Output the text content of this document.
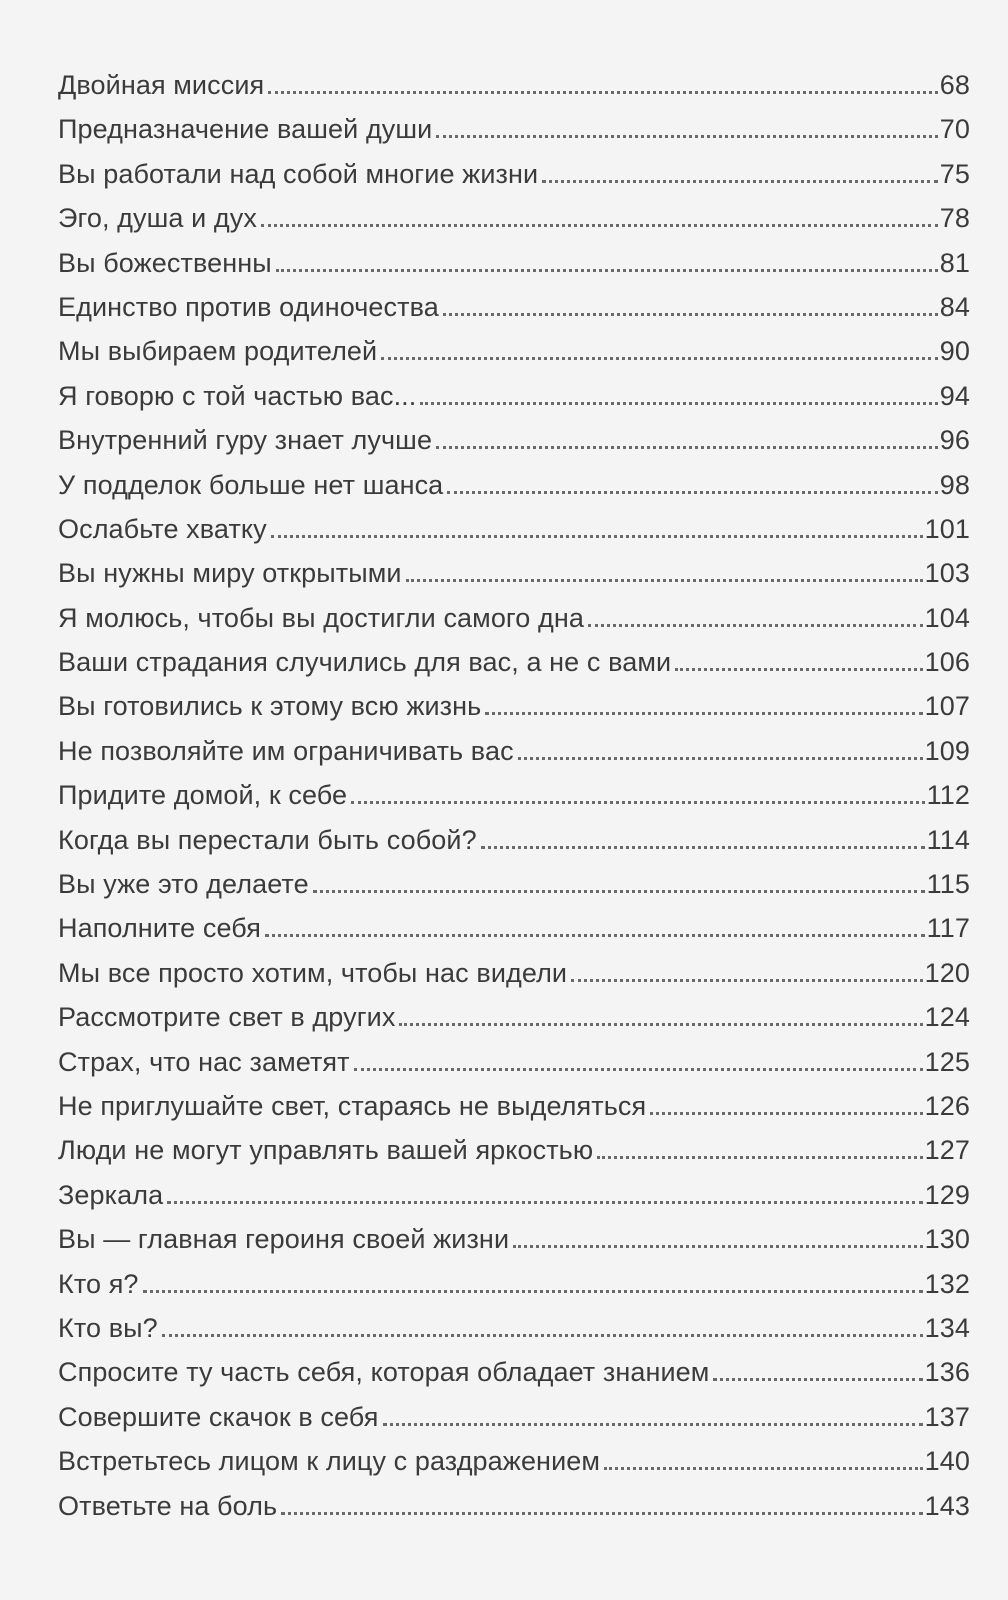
Двойная миссия	68
Предназначение вашей души	70
Вы работали над собой многие жизни	75
Эго, душа и дух	78
Вы божественны	81
Единство против одиночества	84
Мы выбираем родителей	90
Я говорю с той частью вас...	94
Внутренний гуру знает лучше	96
У подделок больше нет шанса	98
Ослабьте хватку	101
Вы нужны миру открытыми	103
Я молюсь, чтобы вы достигли самого дна	104
Ваши страдания случились для вас, а не с вами	106
Вы готовились к этому всю жизнь	107
Не позволяйте им ограничивать вас	109
Придите домой, к себе	112
Когда вы перестали быть собой?	114
Вы уже это делаете	115
Наполните себя	117
Мы все просто хотим, чтобы нас видели	120
Рассмотрите свет в других	124
Страх, что нас заметят	125
Не приглушайте свет, стараясь не выделяться	126
Люди не могут управлять вашей яркостью	127
Зеркала	129
Вы — главная героиня своей жизни	130
Кто я?	132
Кто вы?	134
Спросите ту часть себя, которая обладает знанием	136
Совершите скачок в себя	137
Встретьтесь лицом к лицу с раздражением	140
Ответьте на боль	143
